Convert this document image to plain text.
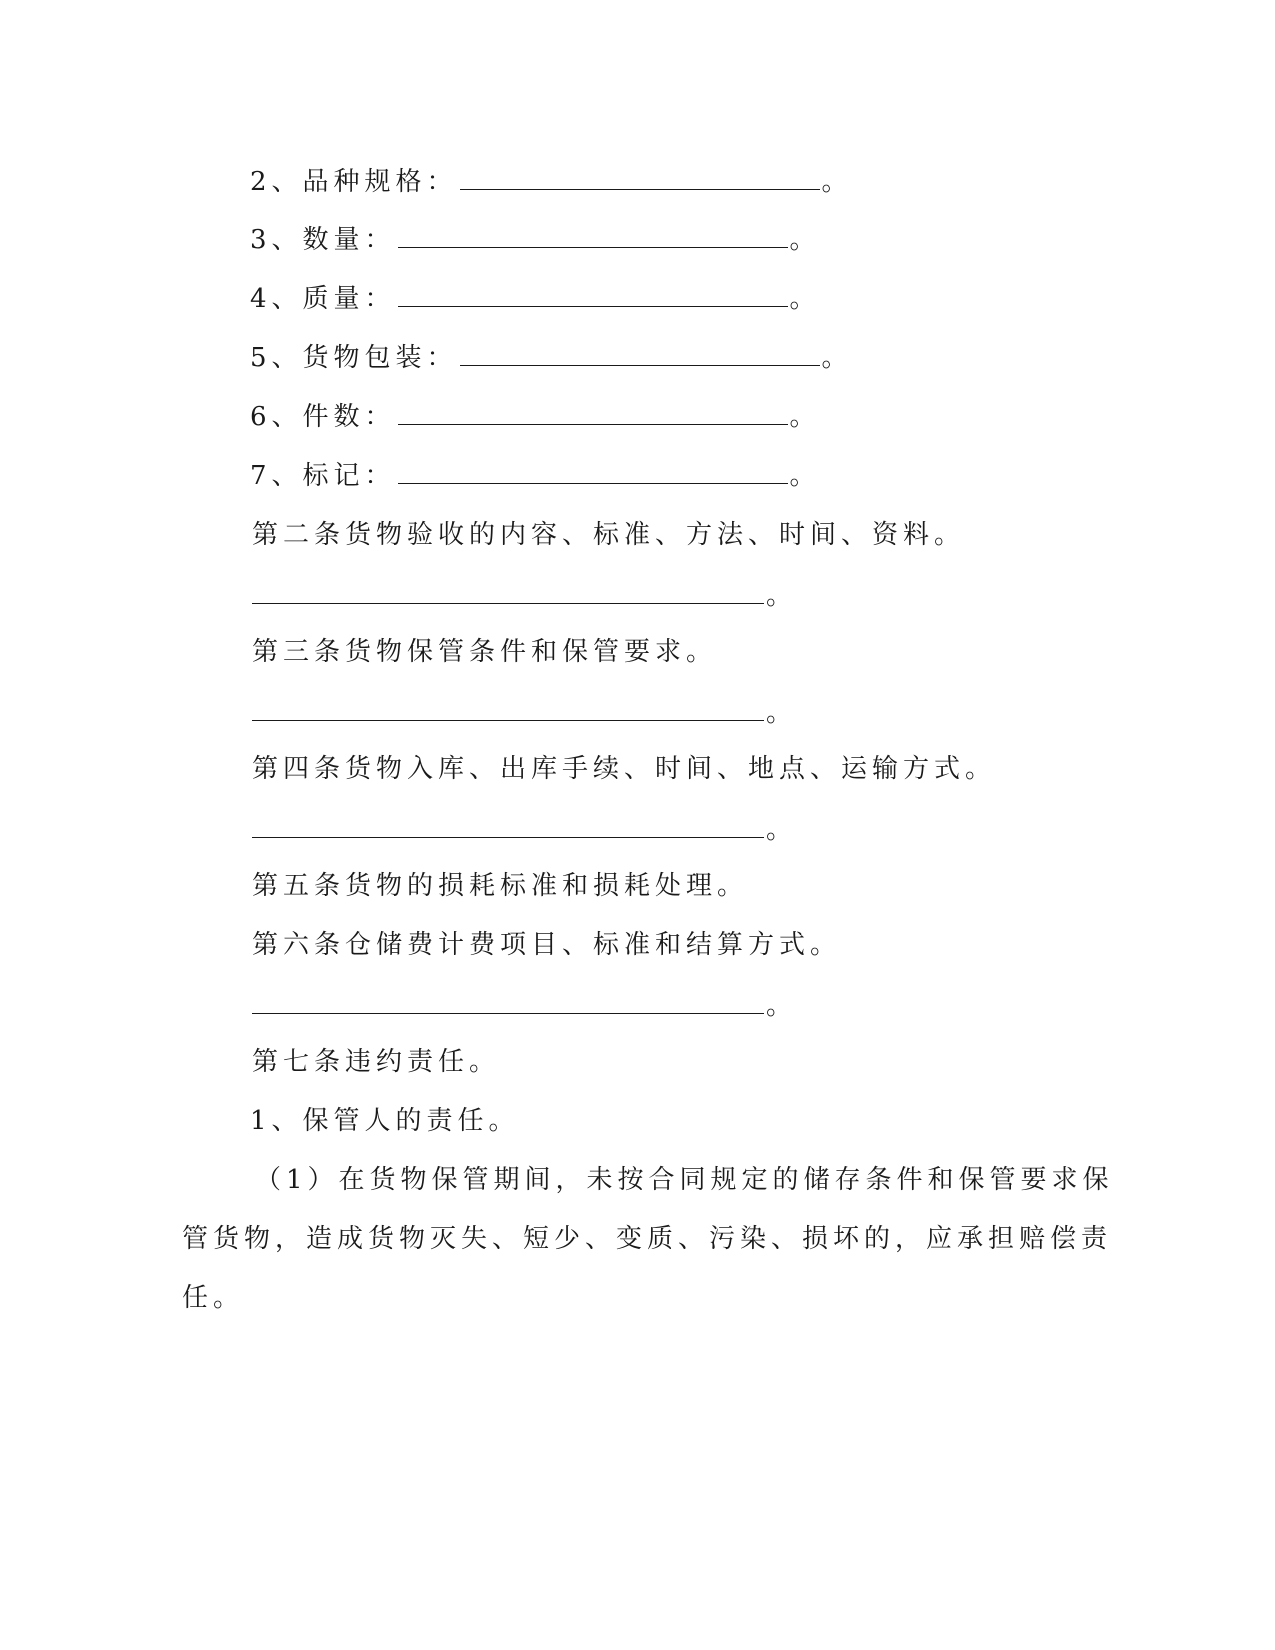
2、品种规格：	。
3、数量：	。
4、质量：	。
5、货物包装：	。
6、件数：	。
7、标记：	。
第二条货物验收的内容、标准、方法、时间、资料。
。
第三条货物保管条件和保管要求。
。
第四条货物入库、出库手续、时间、地点、运输方式。
。
第五条货物的损耗标准和损耗处理。
第六条仓储费计费项目、标准和结算方式。
。
第七条违约责任。
1、保管人的责任。
（1）在货物保管期间，未按合同规定的储存条件和保管要求保
管货物，造成货物灭失、短少、变质、污染、损坏的，应承担赔偿责
任。
